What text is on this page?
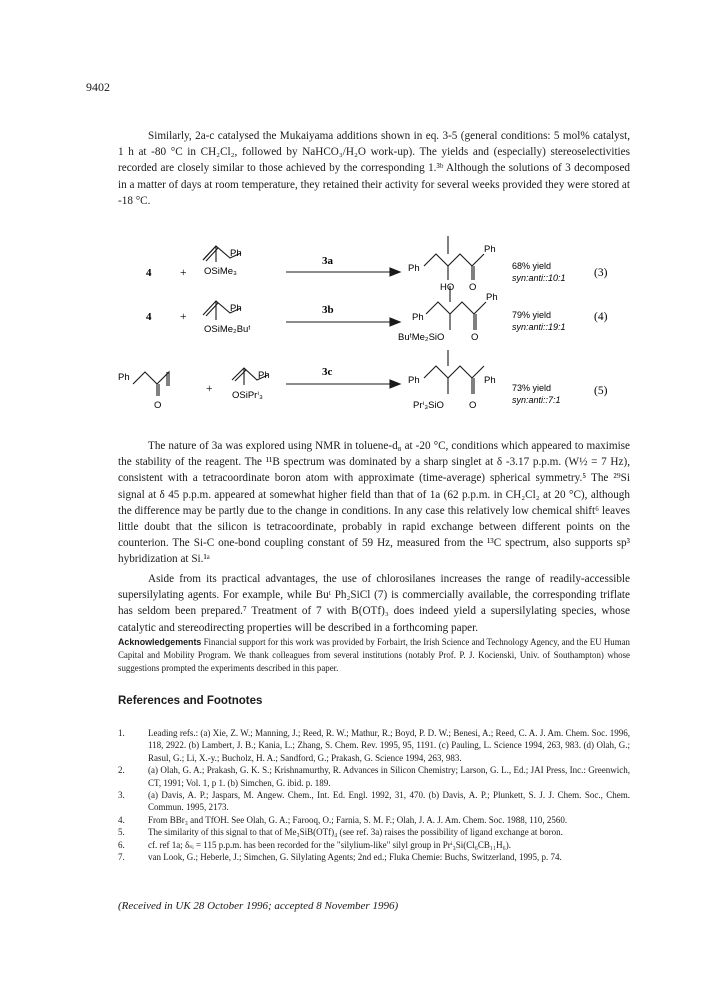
9402

Similarly, 2a-c catalysed the Mukaiyama additions shown in eq. 3-5 (general conditions: 5 mol% catalyst, 1 h at -80 °C in CH₂Cl₂, followed by NaHCO₃/H₂O work-up). The yields and (especially) stereoselectivities recorded are closely similar to those achieved by the corresponding 1.³ᵇ Although the solutions of 3 decomposed in a matter of days at room temperature, they retained their activity for several weeks provided they were stored at -18 °C.

4 +
Ph
OSiMe₃
3a
Ph
Ph
HO O
68% yield
syn:anti::10:1 (3)
4 +
Ph
OSiMe₂Buᵗ
3b
Ph
Ph
BuᵗMe₂SiO	O
79% yield
syn:anti::19:1
(4)
Ph
O
+
Ph
OSiPrⁱ₃
3c
Ph	Ph
Prⁱ₃SiO	O
73% yield
syn:anti::7:1
(5)

The nature of 3a was explored using NMR in toluene-d₈ at -20 °C, conditions which appeared to maximise the stability of the reagent. The ¹¹B spectrum was dominated by a sharp singlet at δ -3.17 p.p.m. (W½ = 7 Hz), consistent with a tetracoordinate boron atom with approximate (time-average) spherical symmetry.⁵ The ²⁹Si signal at δ 45 p.p.m. appeared at somewhat higher field than that of 1a (62 p.p.m. in CH₂Cl₂ at 20 °C), although the difference may be partly due to the change in conditions. In any case this relatively low chemical shift⁶ leaves little doubt that the silicon is tetracoordinate, probably in rapid exchange between different points on the counterion. The Si-C one-bond coupling constant of 59 Hz, measured from the ¹³C spectrum, also supports sp³ hybridization at Si.¹ᵃ

Aside from its practical advantages, the use of chlorosilanes increases the range of readily-accessible supersilylating agents. For example, while Buᵗ Ph₂SiCl (7) is commercially available, the corresponding triflate has seldom been prepared.⁷ Treatment of 7 with B(OTf)₃ does indeed yield a supersilylating species, whose catalytic and stereodirecting properties will be described in a forthcoming paper.

Acknowledgements Financial support for this work was provided by Forbairt, the Irish Science and Technology Agency, and the EU Human Capital and Mobility Program. We thank colleagues from several institutions (notably Prof. P. J. Kocienski, Univ. of Southampton) whose suggestions prompted the experiments described in this paper.

References and Footnotes
1.	Leading refs.: (a) Xie, Z. W.; Manning, J.; Reed, R. W.; Mathur, R.; Boyd, P. D. W.; Benesi, A.; Reed, C. A. J. Am. Chem. Soc. 1996, 118, 2922. (b) Lambert, J. B.; Kania, L.; Zhang, S. Chem. Rev. 1995, 95, 1191. (c) Pauling, L. Science 1994, 263, 983. (d) Olah, G.; Rasul, G.; Li, X.-y.; Bucholz, H. A.; Sandford, G.; Prakash, G. Science 1994, 263, 983.
2.	(a) Olah, G. A.; Prakash, G. K. S.; Krishnamurthy, R. Advances in Silicon Chemistry; Larson, G. L., Ed.; JAI Press, Inc.: Greenwich, CT, 1991; Vol. 1, p 1. (b) Simchen, G. ibid. p. 189.
3.	(a) Davis, A. P.; Jaspars, M. Angew. Chem., Int. Ed. Engl. 1992, 31, 470. (b) Davis, A. P.; Plunkett, S. J. J. Chem. Soc., Chem. Commun. 1995, 2173.
4.	From BBr₃ and TfOH. See Olah, G. A.; Farooq, O.; Farnia, S. M. F.; Olah, J. A. J. Am. Chem. Soc. 1988, 110, 2560.
5.	The similarity of this signal to that of Me₃SiB(OTf)₄ (see ref. 3a) raises the possibility of ligand exchange at boron.
6.	cf. ref 1a; δₛᵢ = 115 p.p.m. has been recorded for the "silylium-like" silyl group in Prⁱ₃Si(Cl₆CB₁₁H₆).
7.	van Look, G.; Heberle, J.; Simchen, G. Silylating Agents; 2nd ed.; Fluka Chemie: Buchs, Switzerland, 1995, p. 74.
(Received in UK 28 October 1996; accepted 8 November 1996)
